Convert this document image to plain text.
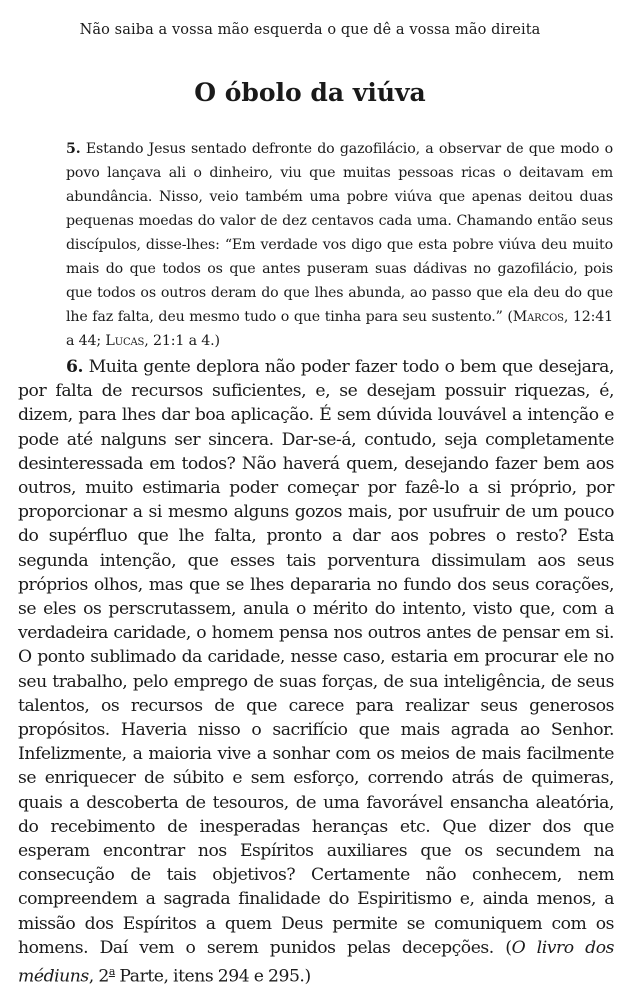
Não saiba a vossa mão esquerda o que dê a vossa mão direita
O óbolo da viúva
5. Estando Jesus sentado defronte do gazofilácio, a observar de que modo o povo lançava ali o dinheiro, viu que muitas pessoas ricas o deitavam em abundância. Nisso, veio também uma pobre viúva que apenas deitou duas pequenas moedas do valor de dez centavos cada uma. Chamando então seus discípulos, disse-lhes: “Em verdade vos digo que esta pobre viúva deu muito mais do que todos os que antes puseram suas dádivas no gazofilácio, pois que todos os outros deram do que lhes abunda, ao passo que ela deu do que lhe faz falta, deu mesmo tudo o que tinha para seu sustento.” (Marcos, 12:41 a 44; Lucas, 21:1 a 4.)
6. Muita gente deplora não poder fazer todo o bem que desejara, por falta de recursos suficientes, e, se desejam possuir riquezas, é, dizem, para lhes dar boa aplicação. É sem dúvida louvável a intenção e pode até nalguns ser sincera. Dar-se-á, contudo, seja completamente desinteressada em todos? Não haverá quem, desejando fazer bem aos outros, muito estimaria poder começar por fazê-lo a si próprio, por proporcionar a si mesmo alguns gozos mais, por usufruir de um pouco do supérfluo que lhe falta, pronto a dar aos pobres o resto? Esta segunda intenção, que esses tais porventura dissimulam aos seus próprios olhos, mas que se lhes depararia no fundo dos seus corações, se eles os perscrutassem, anula o mérito do intento, visto que, com a verdadeira caridade, o homem pensa nos outros antes de pensar em si. O ponto sublimado da caridade, nesse caso, estaria em procurar ele no seu trabalho, pelo emprego de suas forças, de sua inteligência, de seus talentos, os recursos de que carece para realizar seus generosos propósitos. Haveria nisso o sacrifício que mais agrada ao Senhor. Infelizmente, a maioria vive a sonhar com os meios de mais facilmente se enriquecer de súbito e sem esforço, correndo atrás de quimeras, quais a descoberta de tesouros, de uma favorável ensancha aleatória, do recebimento de inesperadas heranças etc. Que dizer dos que esperam encontrar nos Espíritos auxiliares que os secundem na consecução de tais objetivos? Certamente não conhecem, nem compreendem a sagrada finalidade do Espiritismo e, ainda menos, a missão dos Espíritos a quem Deus permite se comuniquem com os homens. Daí vem o serem punidos pelas decepções. (O livro dos médiuns, 2$^a$ Parte, itens 294 e 295.)
